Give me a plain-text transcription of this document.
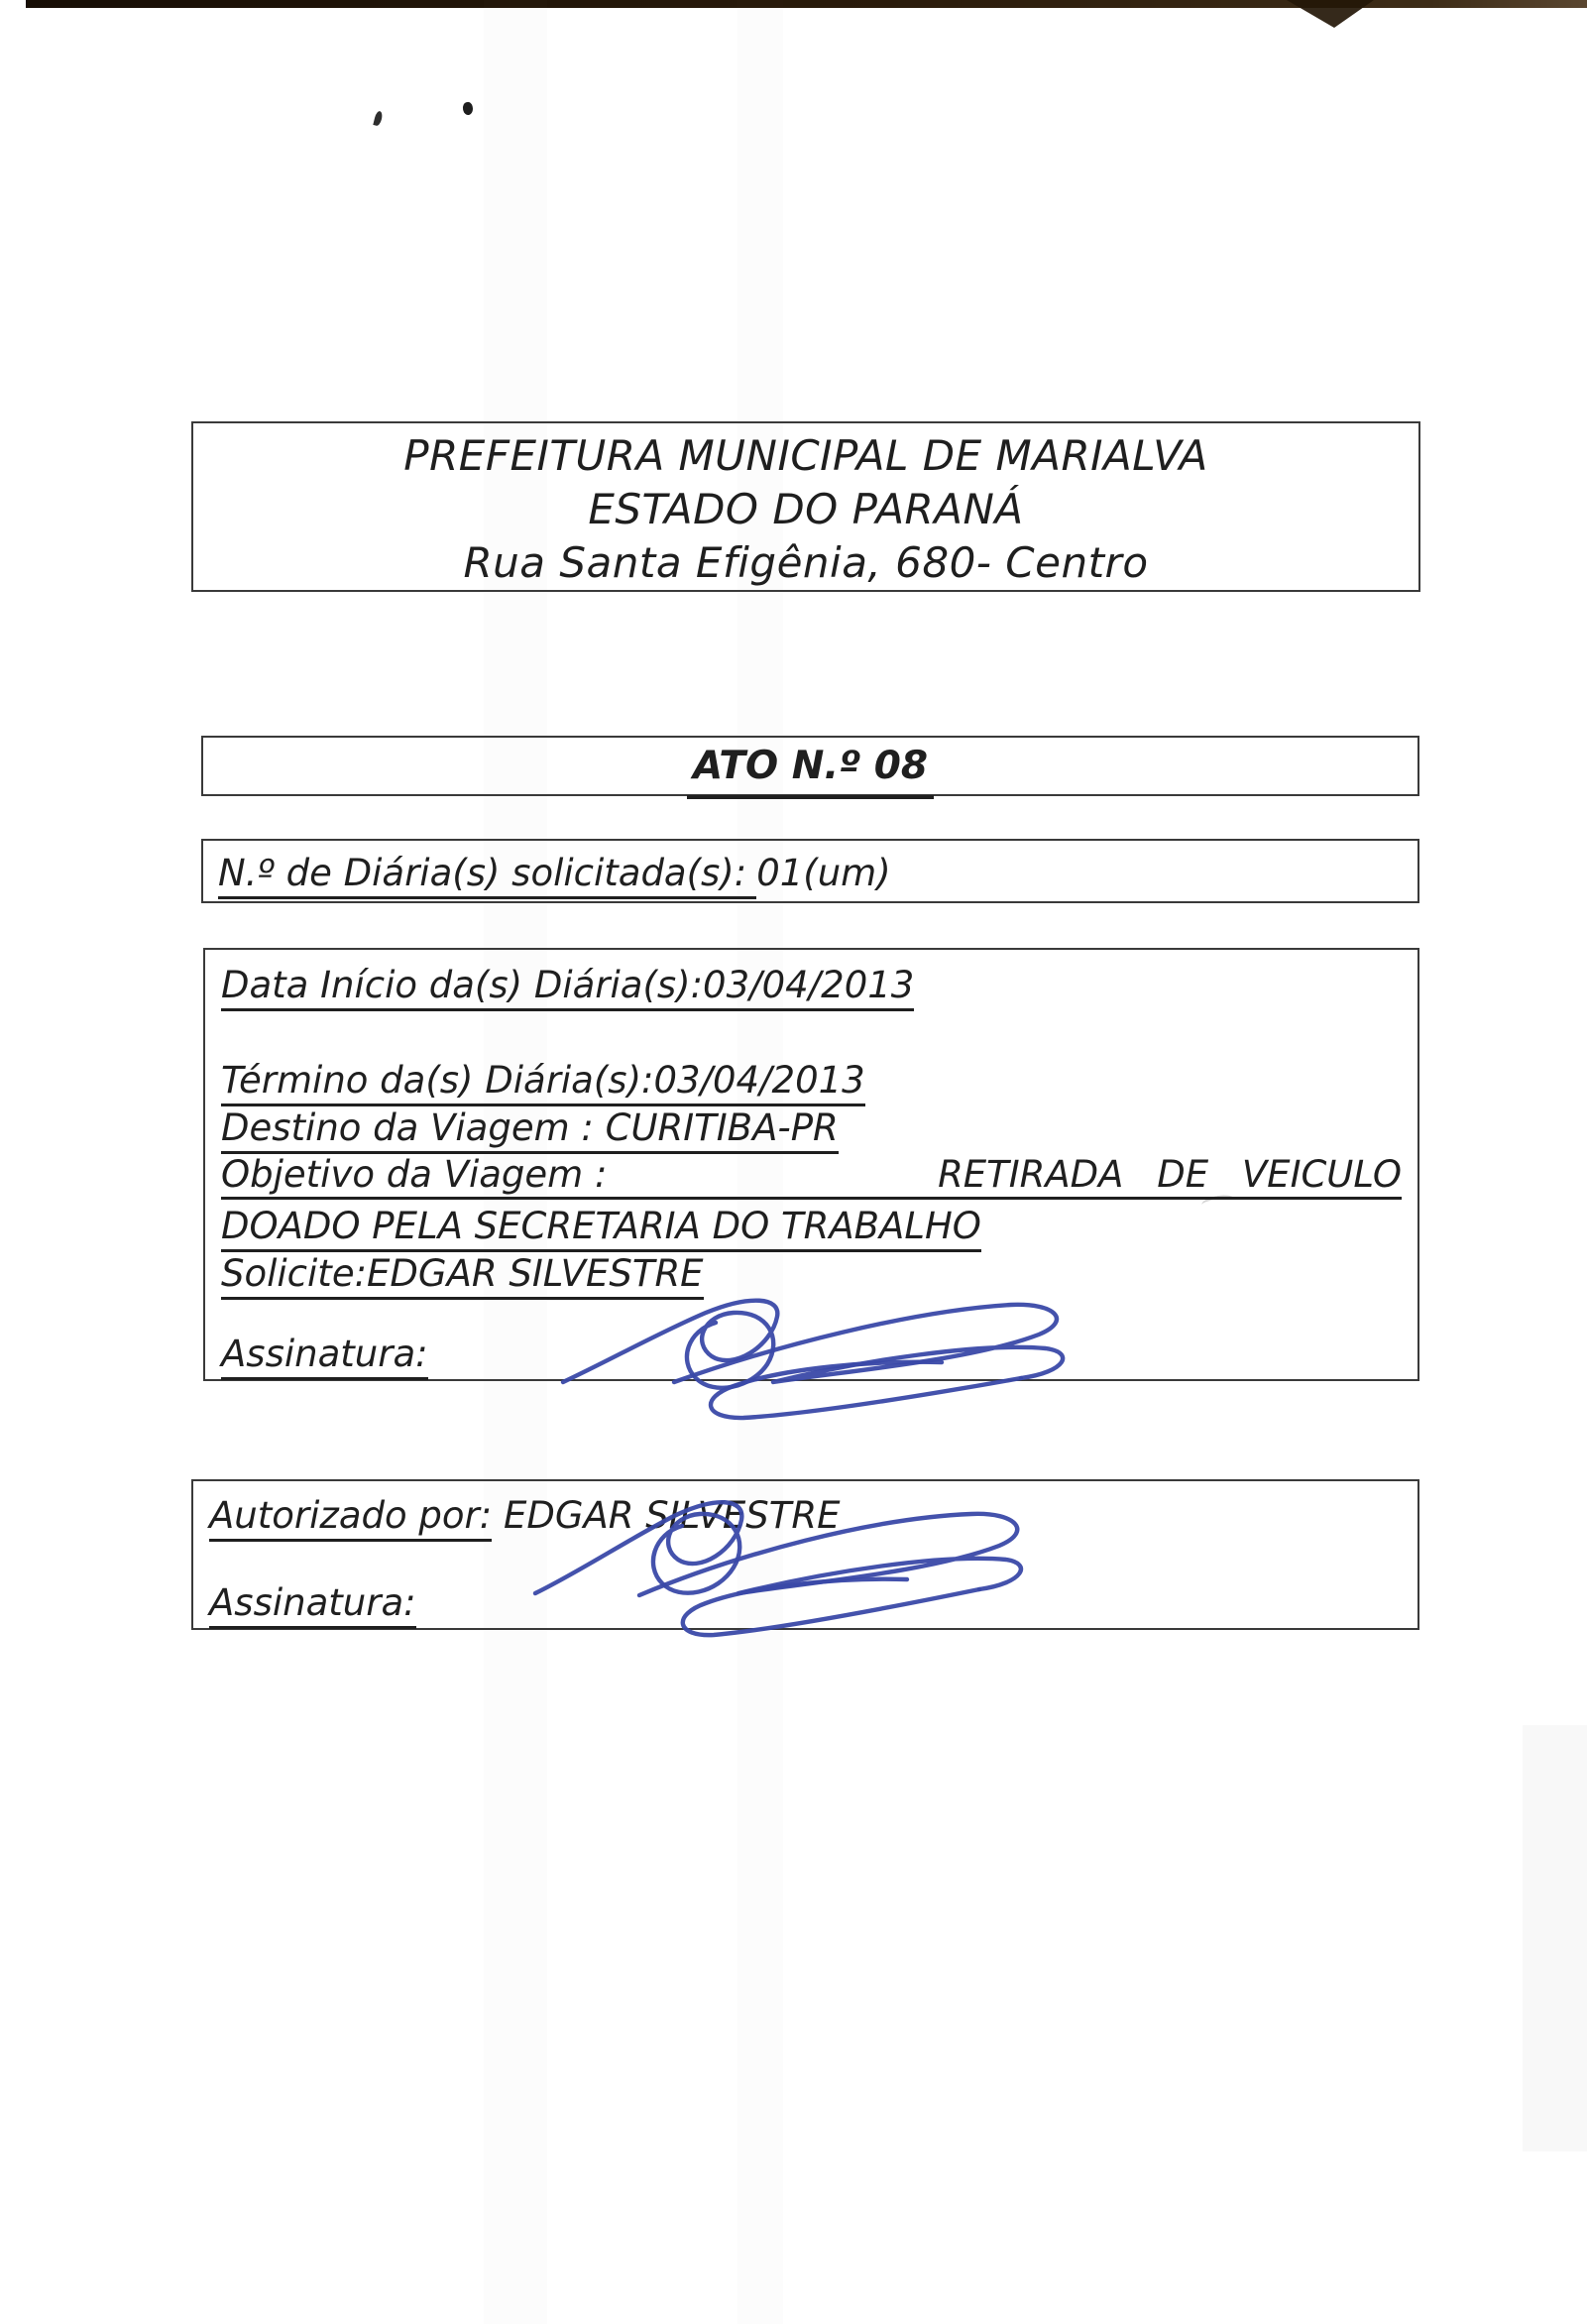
PREFEITURA MUNICIPAL DE MARIALVA
ESTADO DO PARANÁ
Rua Santa Efigênia, 680- Centro
ATO N.º 08
N.º de Diária(s) solicitada(s): 01(um)
Data Início da(s) Diária(s):03/04/2013
Término da(s) Diária(s):03/04/2013
Destino da Viagem : CURITIBA-PR
Objetivo da Viagem :	RETIRADA DE VEICULO
DOADO PELA SECRETARIA DO TRABALHO
Solicite:EDGAR SILVESTRE
Assinatura:
Autorizado por: EDGAR SILVESTRE
Assinatura:
